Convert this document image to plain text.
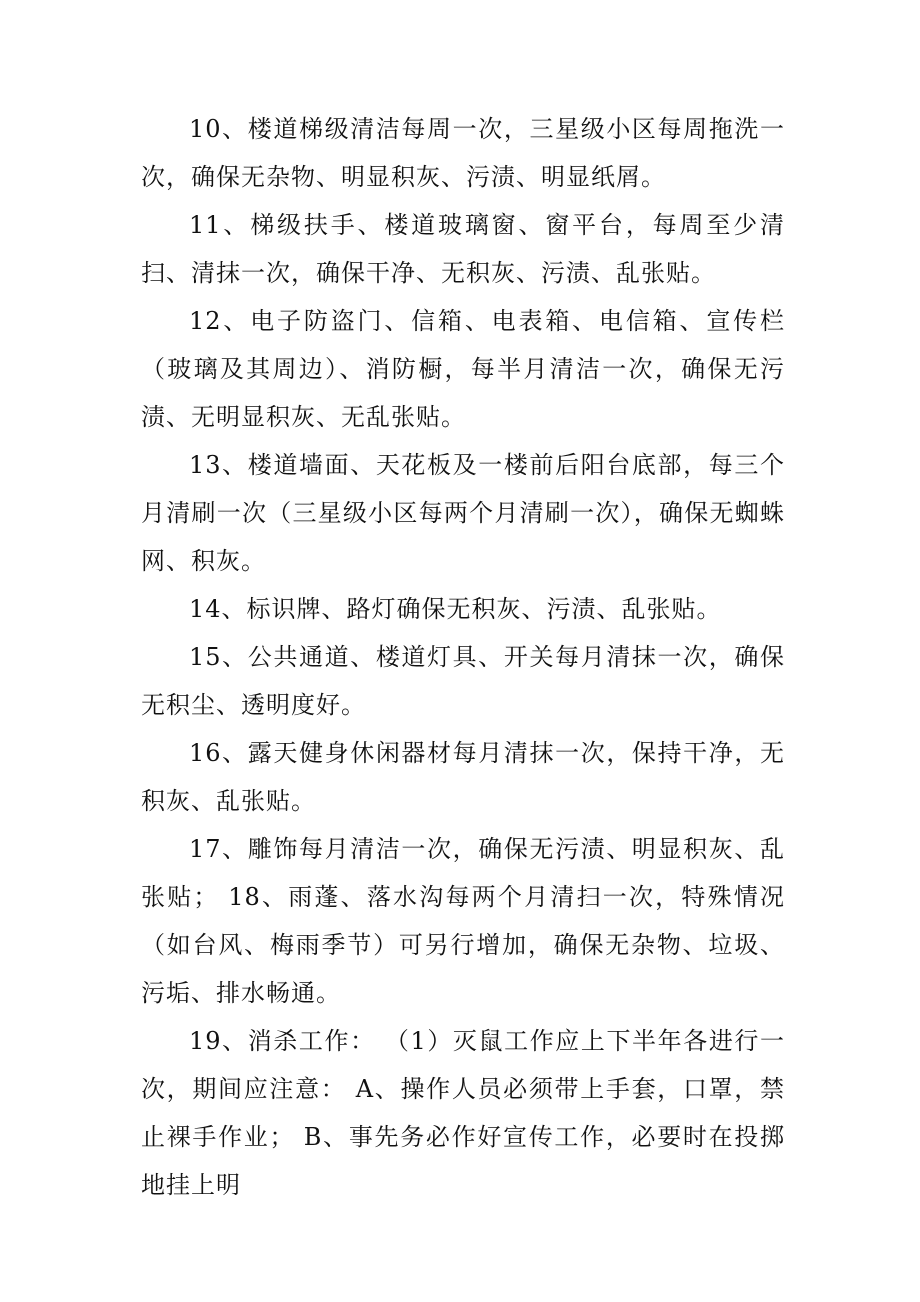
10、楼道梯级清洁每周一次，三星级小区每周拖洗一次，确保无杂物、明显积灰、污渍、明显纸屑。

11、梯级扶手、楼道玻璃窗、窗平台，每周至少清扫、清抹一次，确保干净、无积灰、污渍、乱张贴。

12、电子防盗门、信箱、电表箱、电信箱、宣传栏（玻璃及其周边）、消防橱，每半月清洁一次，确保无污渍、无明显积灰、无乱张贴。

13、楼道墙面、天花板及一楼前后阳台底部，每三个月清刷一次（三星级小区每两个月清刷一次），确保无蜘蛛网、积灰。

14、标识牌、路灯确保无积灰、污渍、乱张贴。

15、公共通道、楼道灯具、开关每月清抹一次，确保无积尘、透明度好。

16、露天健身休闲器材每月清抹一次，保持干净，无积灰、乱张贴。

17、雕饰每月清洁一次，确保无污渍、明显积灰、乱张贴； 18、雨蓬、落水沟每两个月清扫一次，特殊情况（如台风、梅雨季节）可另行增加，确保无杂物、垃圾、污垢、排水畅通。

19、消杀工作： （1）灭鼠工作应上下半年各进行一次，期间应注意： A、操作人员必须带上手套，口罩，禁止裸手作业； B、事先务必作好宣传工作，必要时在投掷地挂上明
